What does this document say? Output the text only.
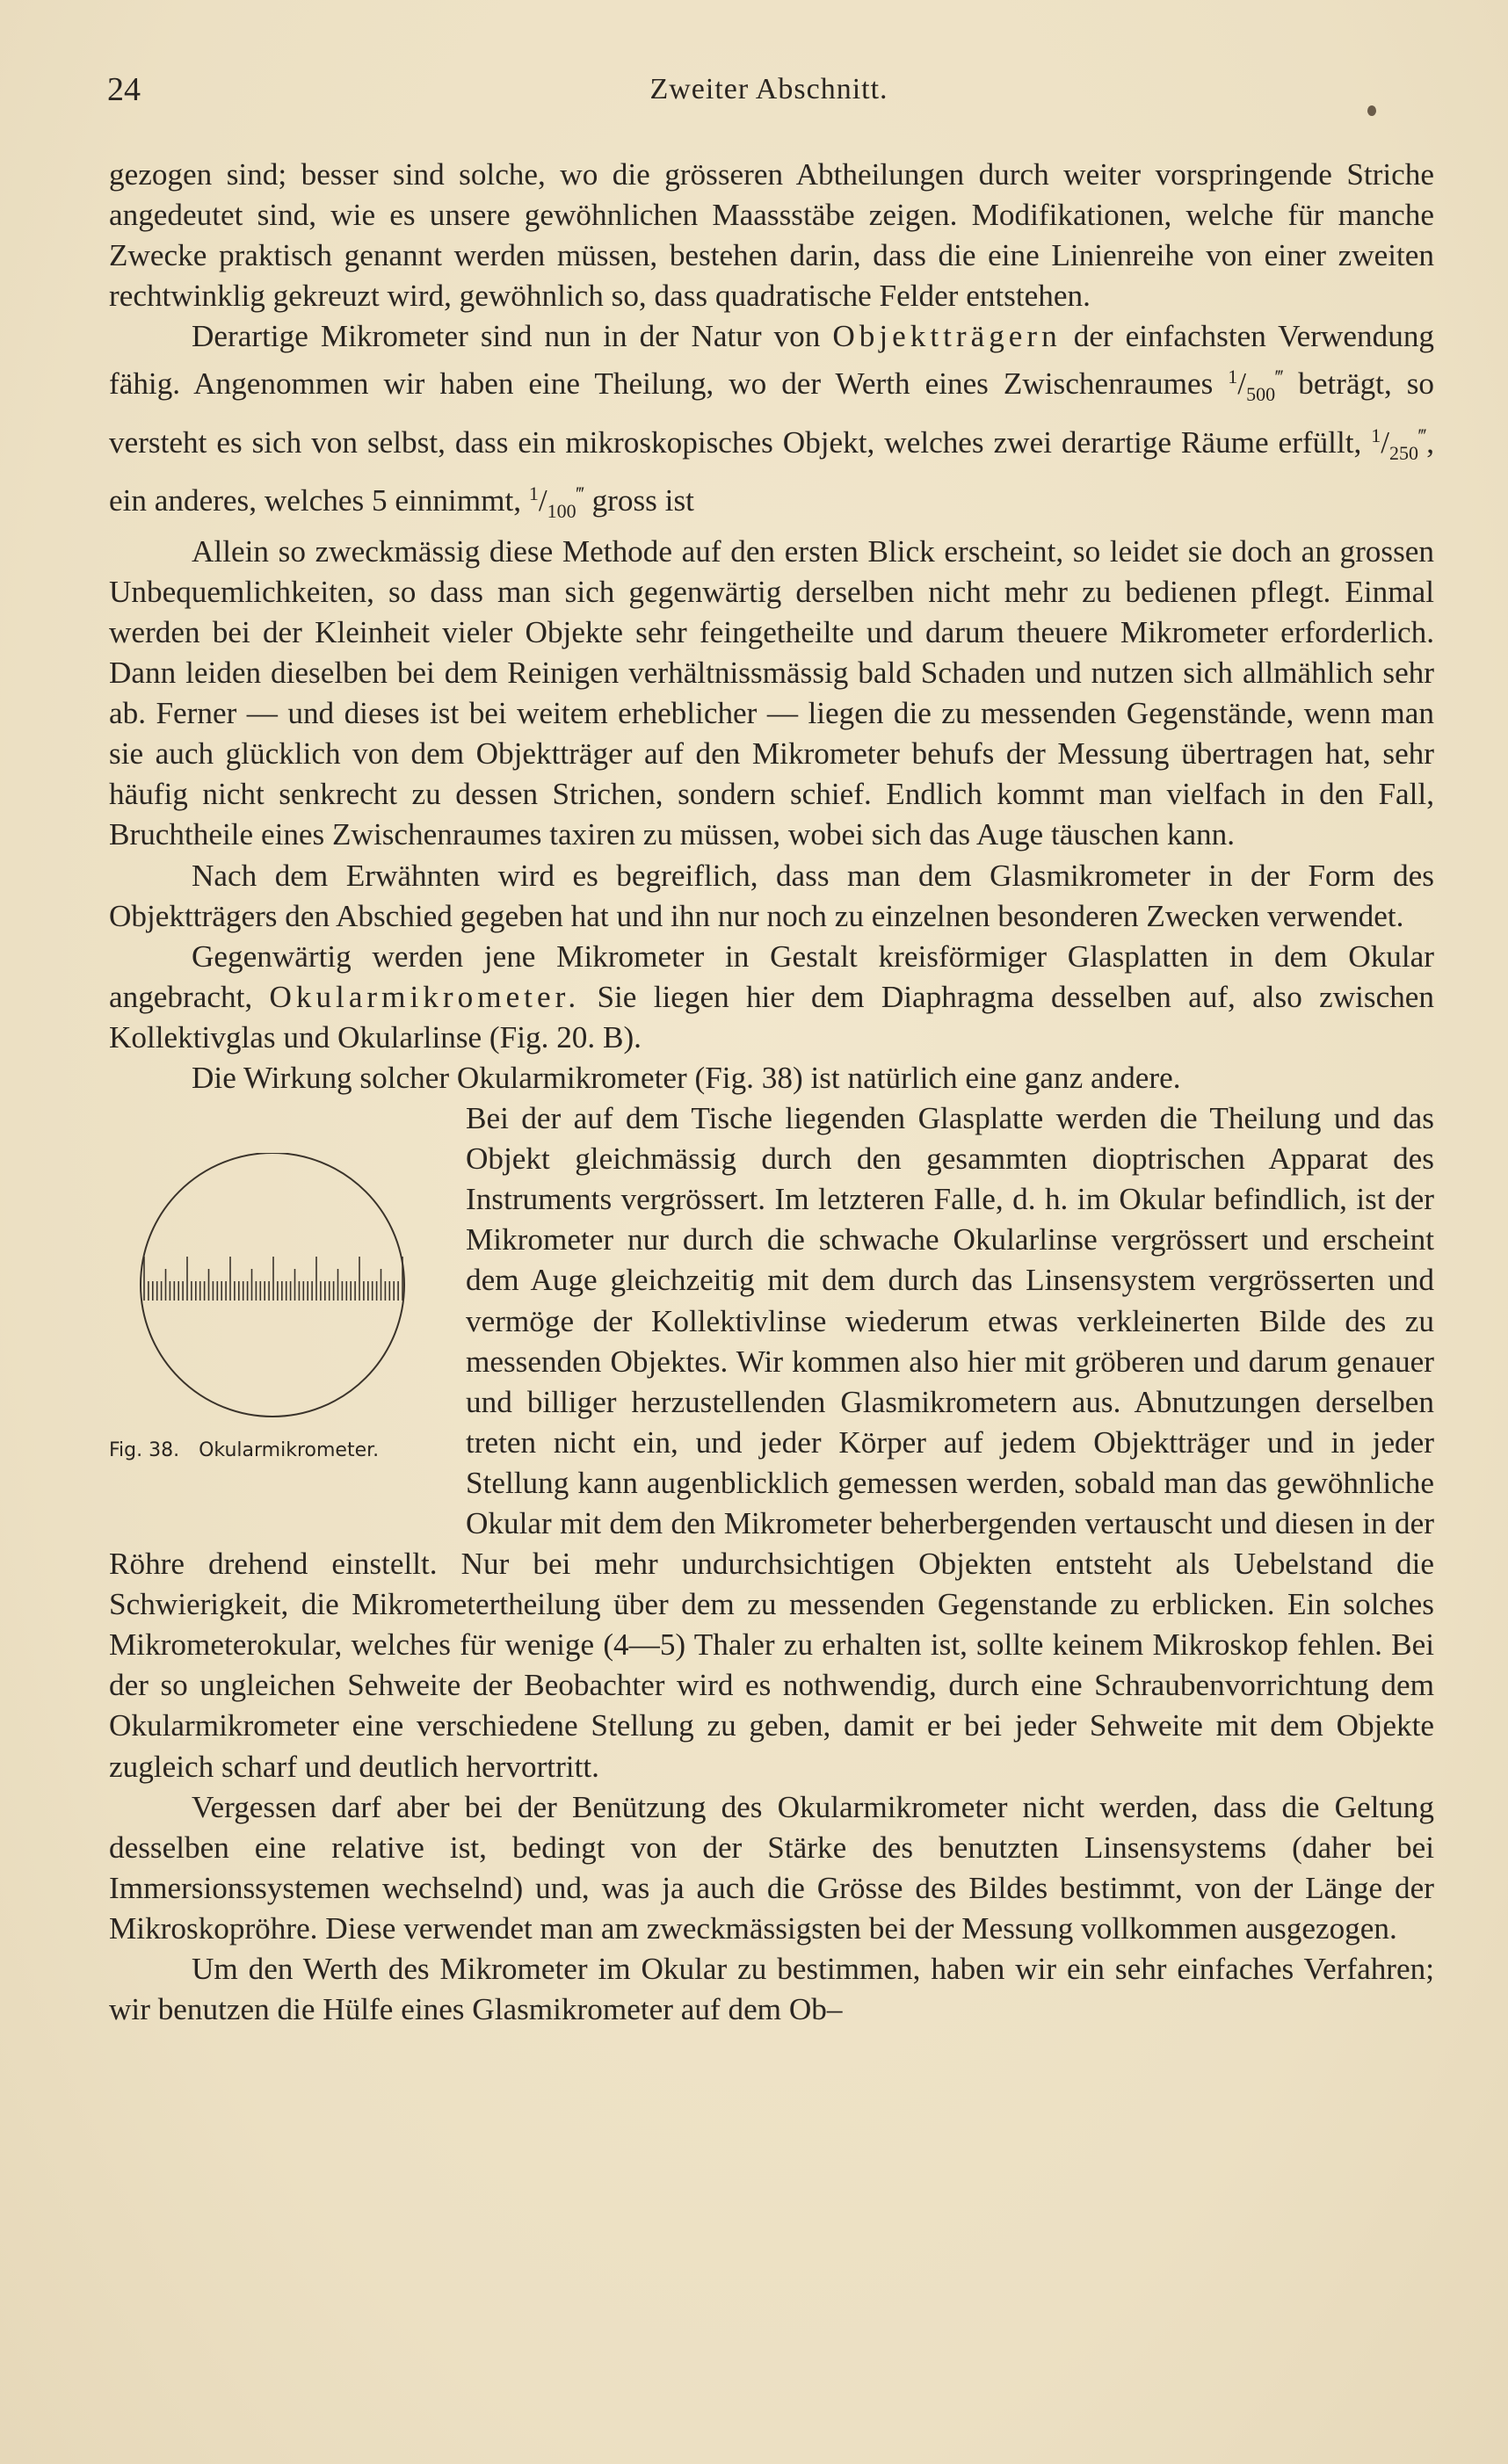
24	Zweiter Abschnitt.

gezogen sind; besser sind solche, wo die grösseren Abtheilungen durch weiter vorspringende Striche angedeutet sind, wie es unsere gewöhnlichen Maassstäbe zeigen. Modifikationen, welche für manche Zwecke praktisch genannt werden müssen, bestehen darin, dass die eine Linienreihe von einer zweiten rechtwinklig gekreuzt wird, gewöhnlich so, dass quadratische Felder entstehen.

Derartige Mikrometer sind nun in der Natur von Objektträgern der einfachsten Verwendung fähig. Angenommen wir haben eine Theilung, wo der Werth eines Zwischenraumes $^1/_{500}^‴$ beträgt, so versteht es sich von selbst, dass ein mikroskopisches Objekt, welches zwei derartige Räume erfüllt, $^1/_{250}^‴$, ein anderes, welches 5 einnimmt, $^1/_{100}^‴$ gross ist

Allein so zweckmässig diese Methode auf den ersten Blick erscheint, so leidet sie doch an grossen Unbequemlichkeiten, so dass man sich gegenwärtig derselben nicht mehr zu bedienen pflegt. Einmal werden bei der Kleinheit vieler Objekte sehr feingetheilte und darum theuere Mikrometer erforderlich. Dann leiden dieselben bei dem Reinigen verhältnissmässig bald Schaden und nutzen sich allmählich sehr ab. Ferner — und dieses ist bei weitem erheblicher — liegen die zu messenden Gegenstände, wenn man sie auch glücklich von dem Objektträger auf den Mikrometer behufs der Messung übertragen hat, sehr häufig nicht senkrecht zu dessen Strichen, sondern schief. Endlich kommt man vielfach in den Fall, Bruchtheile eines Zwischenraumes taxiren zu müssen, wobei sich das Auge täuschen kann.

Nach dem Erwähnten wird es begreiflich, dass man dem Glasmikrometer in der Form des Objektträgers den Abschied gegeben hat und ihn nur noch zu einzelnen besonderen Zwecken verwendet.

Gegenwärtig werden jene Mikrometer in Gestalt kreisförmiger Glasplatten in dem Okular angebracht, Okularmikrometer. Sie liegen hier dem Diaphragma desselben auf, also zwischen Kollektivglas und Okularlinse (Fig. 20. B).

Die Wirkung solcher Okularmikrometer (Fig. 38) ist natürlich eine ganz andere.

Fig. 38. Okularmikrometer.

Bei der auf dem Tische liegenden Glasplatte werden die Theilung und das Objekt gleichmässig durch den gesammten dioptrischen Apparat des Instruments vergrössert. Im letzteren Falle, d. h. im Okular befindlich, ist der Mikrometer nur durch die schwache Okularlinse vergrössert und erscheint dem Auge gleichzeitig mit dem durch das Linsensystem vergrösserten und vermöge der Kollektivlinse wiederum etwas verkleinerten Bilde des zu messenden Objektes. Wir kommen also hier mit gröberen und darum genauer und billiger herzustellenden Glasmikrometern aus. Abnutzungen derselben treten nicht ein, und jeder Körper auf jedem Objektträger und in jeder Stellung kann augenblicklich gemessen werden, sobald man das gewöhnliche Okular mit dem den Mikrometer beherbergenden vertauscht und diesen in der Röhre drehend einstellt. Nur bei mehr undurchsichtigen Objekten entsteht als Uebelstand die Schwierigkeit, die Mikrometertheilung über dem zu messenden Gegenstande zu erblicken. Ein solches Mikrometerokular, welches für wenige (4—5) Thaler zu erhalten ist, sollte keinem Mikroskop fehlen. Bei der so ungleichen Sehweite der Beobachter wird es nothwendig, durch eine Schraubenvorrichtung dem Okularmikrometer eine verschiedene Stellung zu geben, damit er bei jeder Sehweite mit dem Objekte zugleich scharf und deutlich hervortritt.

Vergessen darf aber bei der Benützung des Okularmikrometer nicht werden, dass die Geltung desselben eine relative ist, bedingt von der Stärke des benutzten Linsensystems (daher bei Immersionssystemen wechselnd) und, was ja auch die Grösse des Bildes bestimmt, von der Länge der Mikroskopröhre. Diese verwendet man am zweckmässigsten bei der Messung vollkommen ausgezogen.

Um den Werth des Mikrometer im Okular zu bestimmen, haben wir ein sehr einfaches Verfahren; wir benutzen die Hülfe eines Glasmikrometer auf dem Ob–
